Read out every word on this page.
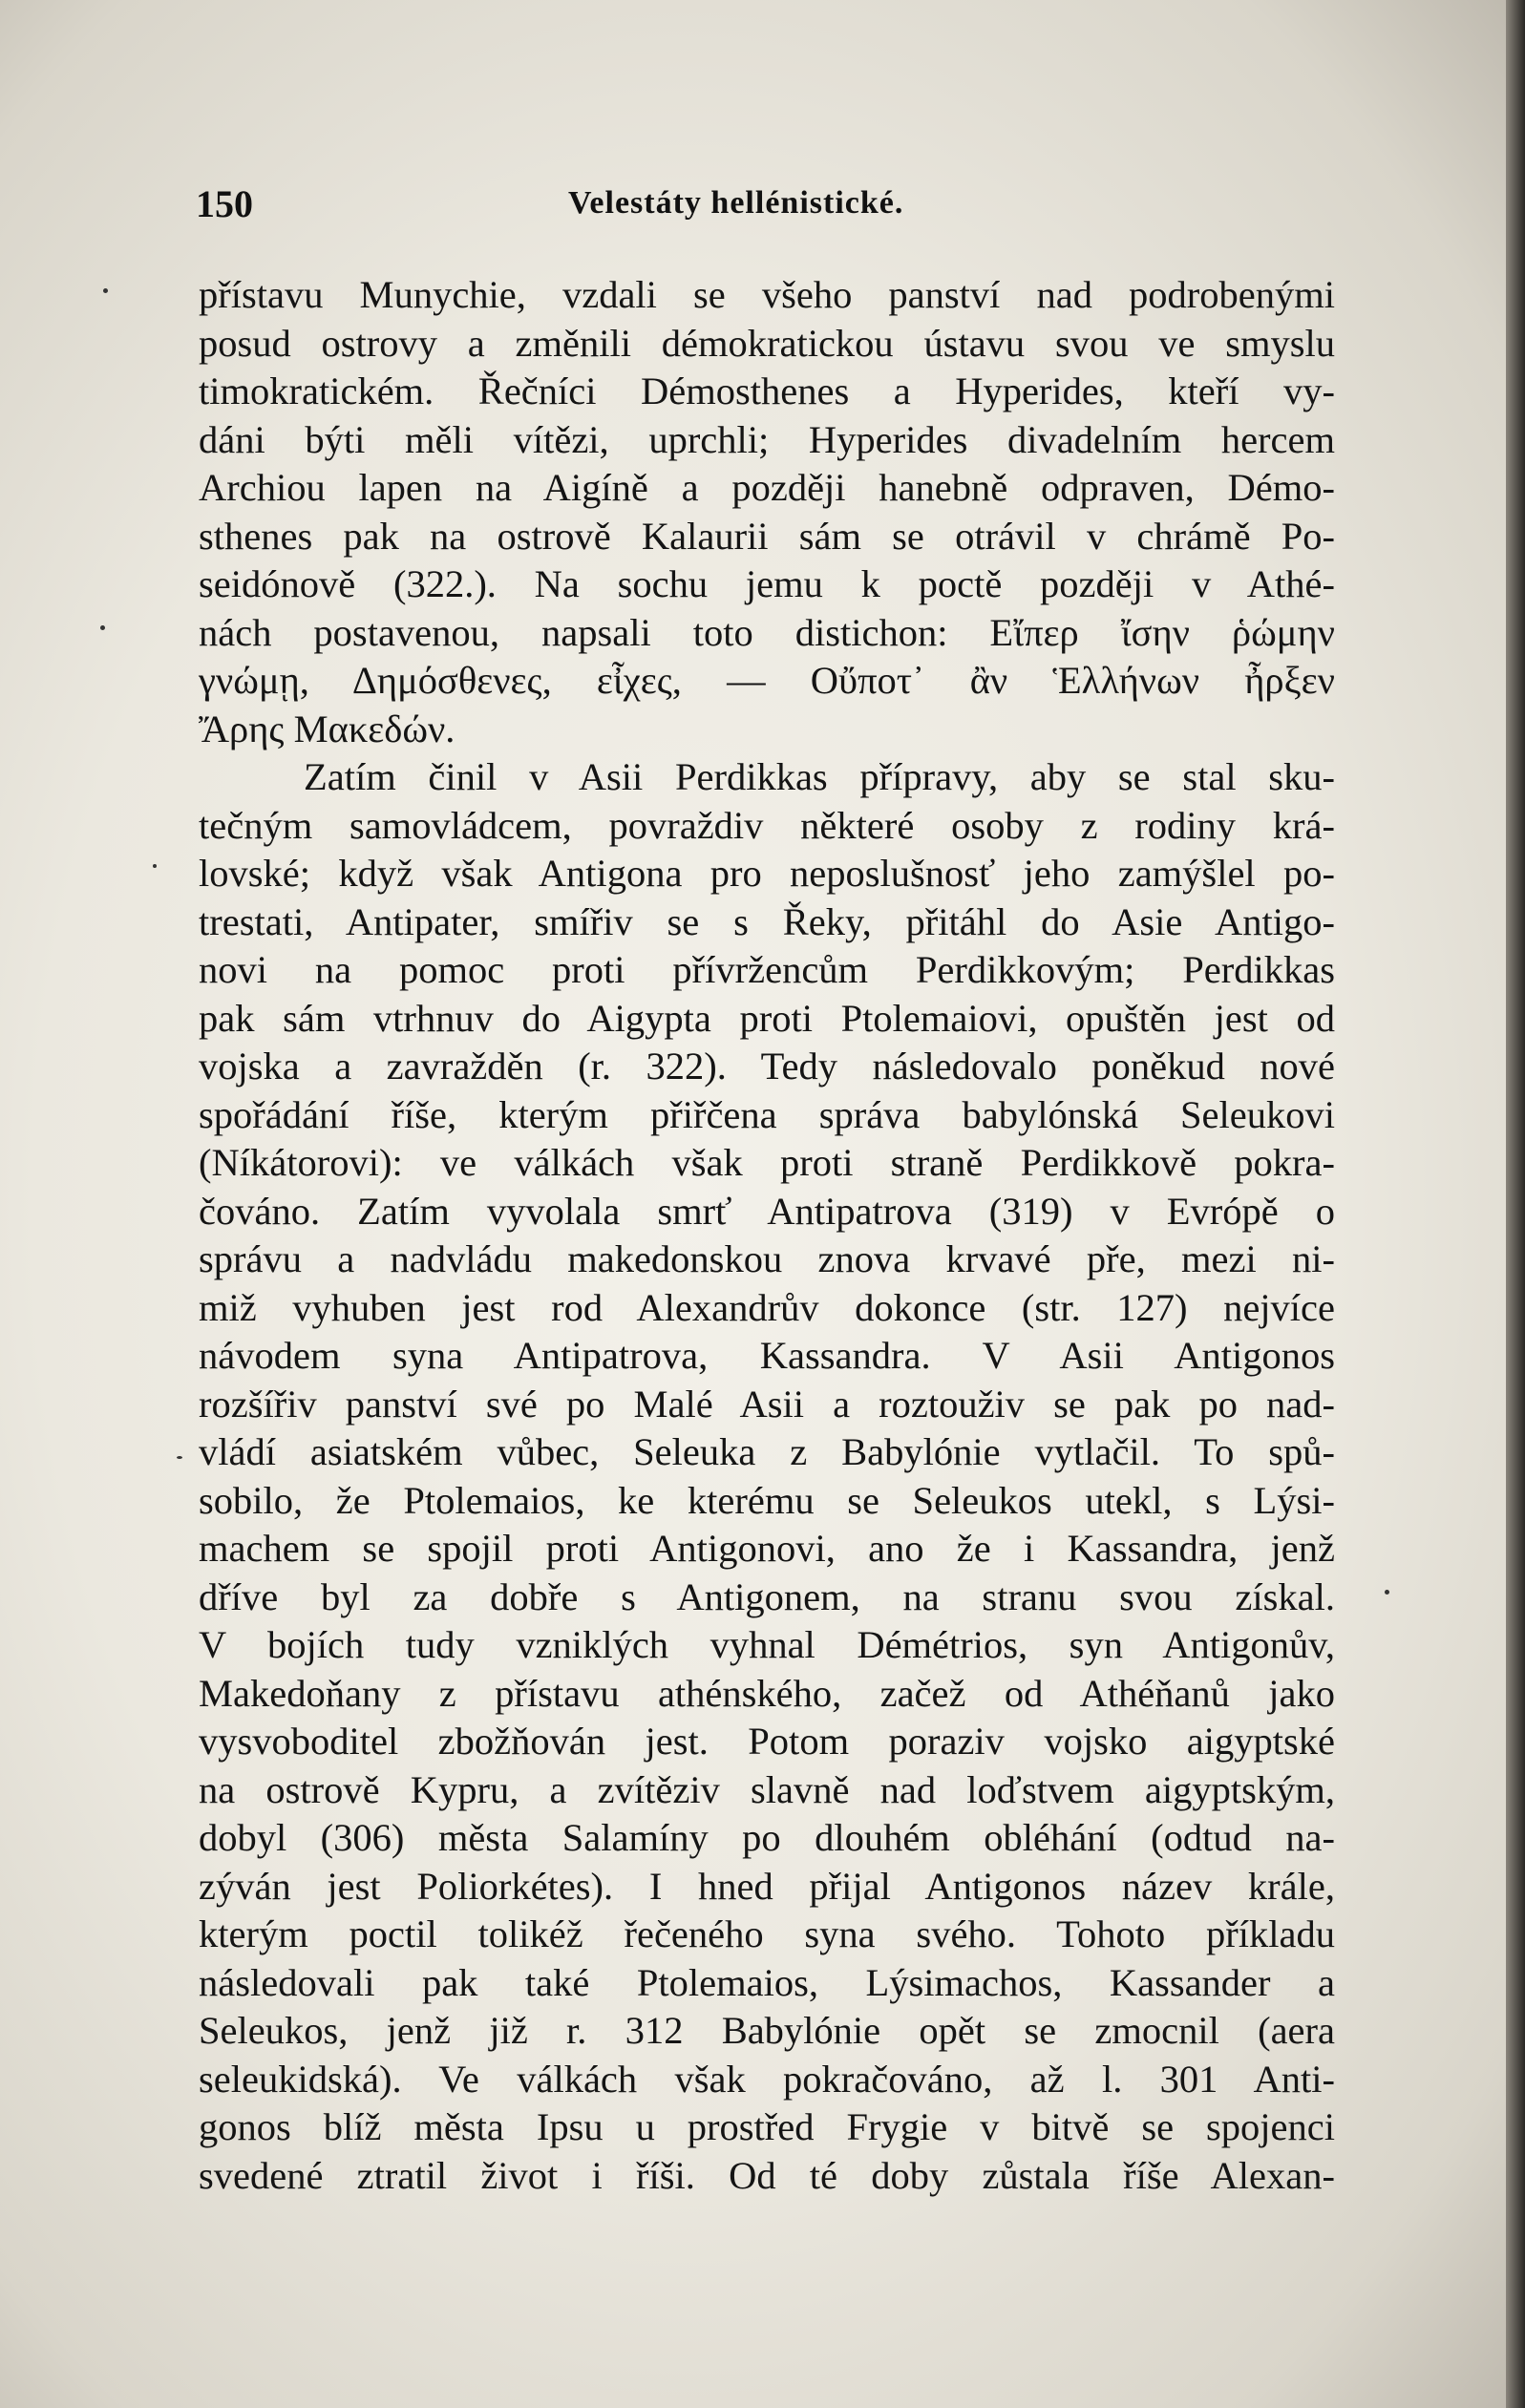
150	Velestáty hellénistické.
přístavu Munychie, vzdali se všeho panství nad podrobenými
posud ostrovy a změnili démokratickou ústavu svou ve smyslu
timokratickém. Řečníci Démosthenes a Hyperides, kteří vy-
dáni býti měli vítězi, uprchli; Hyperides divadelním hercem
Archiou lapen na Aigíně a později hanebně odpraven, Démo-
sthenes pak na ostrově Kalaurii sám se otrávil v chrámě Po-
seidónově (322.). Na sochu jemu k poctě později v Athé-
nách postavenou, napsali toto distichon: Εἴπερ ἴσην ῥώμην
γνώμῃ, Δημόσθενες, εἶχες, — Οὔποτ᾽ ἂν Ἑλλήνων ἦρξεν
Ἄρης Μακεδών.
Zatím činil v Asii Perdikkas přípravy, aby se stal sku-
tečným samovládcem, povraždiv některé osoby z rodiny krá-
lovské; když však Antigona pro neposlušnosť jeho zamýšlel po-
trestati, Antipater, smířiv se s Řeky, přitáhl do Asie Antigo-
novi na pomoc proti přívržencům Perdikkovým; Perdikkas
pak sám vtrhnuv do Aigypta proti Ptolemaiovi, opuštěn jest od
vojska a zavražděn (r. 322). Tedy následovalo poněkud nové
spořádání říše, kterým přiřčena správa babylónská Seleukovi
(Níkátorovi): ve válkách však proti straně Perdikkově pokra-
čováno. Zatím vyvolala smrť Antipatrova (319) v Evrópě o
správu a nadvládu makedonskou znova krvavé pře, mezi ni-
miž vyhuben jest rod Alexandrův dokonce (str. 127) nejvíce
návodem syna Antipatrova, Kassandra. V Asii Antigonos
rozšířiv panství své po Malé Asii a roztouživ se pak po nad-
vládí asiatském vůbec, Seleuka z Babylónie vytlačil. To spů-
sobilo, že Ptolemaios, ke kterému se Seleukos utekl, s Lýsi-
machem se spojil proti Antigonovi, ano že i Kassandra, jenž
dříve byl za dobře s Antigonem, na stranu svou získal.
V bojích tudy vzniklých vyhnal Démétrios, syn Antigonův,
Makedoňany z přístavu athénského, začež od Athéňanů jako
vysvoboditel zbožňován jest. Potom poraziv vojsko aigyptské
na ostrově Kypru, a zvítěziv slavně nad loďstvem aigyptským,
dobyl (306) města Salamíny po dlouhém obléhání (odtud na-
zýván jest Poliorkétes). I hned přijal Antigonos název krále,
kterým poctil tolikéž řečeného syna svého. Tohoto příkladu
následovali pak také Ptolemaios, Lýsimachos, Kassander a
Seleukos, jenž již r. 312 Babylónie opět se zmocnil (aera
seleukidská). Ve válkách však pokračováno, až l. 301 Anti-
gonos blíž města Ipsu u prostřed Frygie v bitvě se spojenci
svedené ztratil život i říši. Od té doby zůstala říše Alexan-
